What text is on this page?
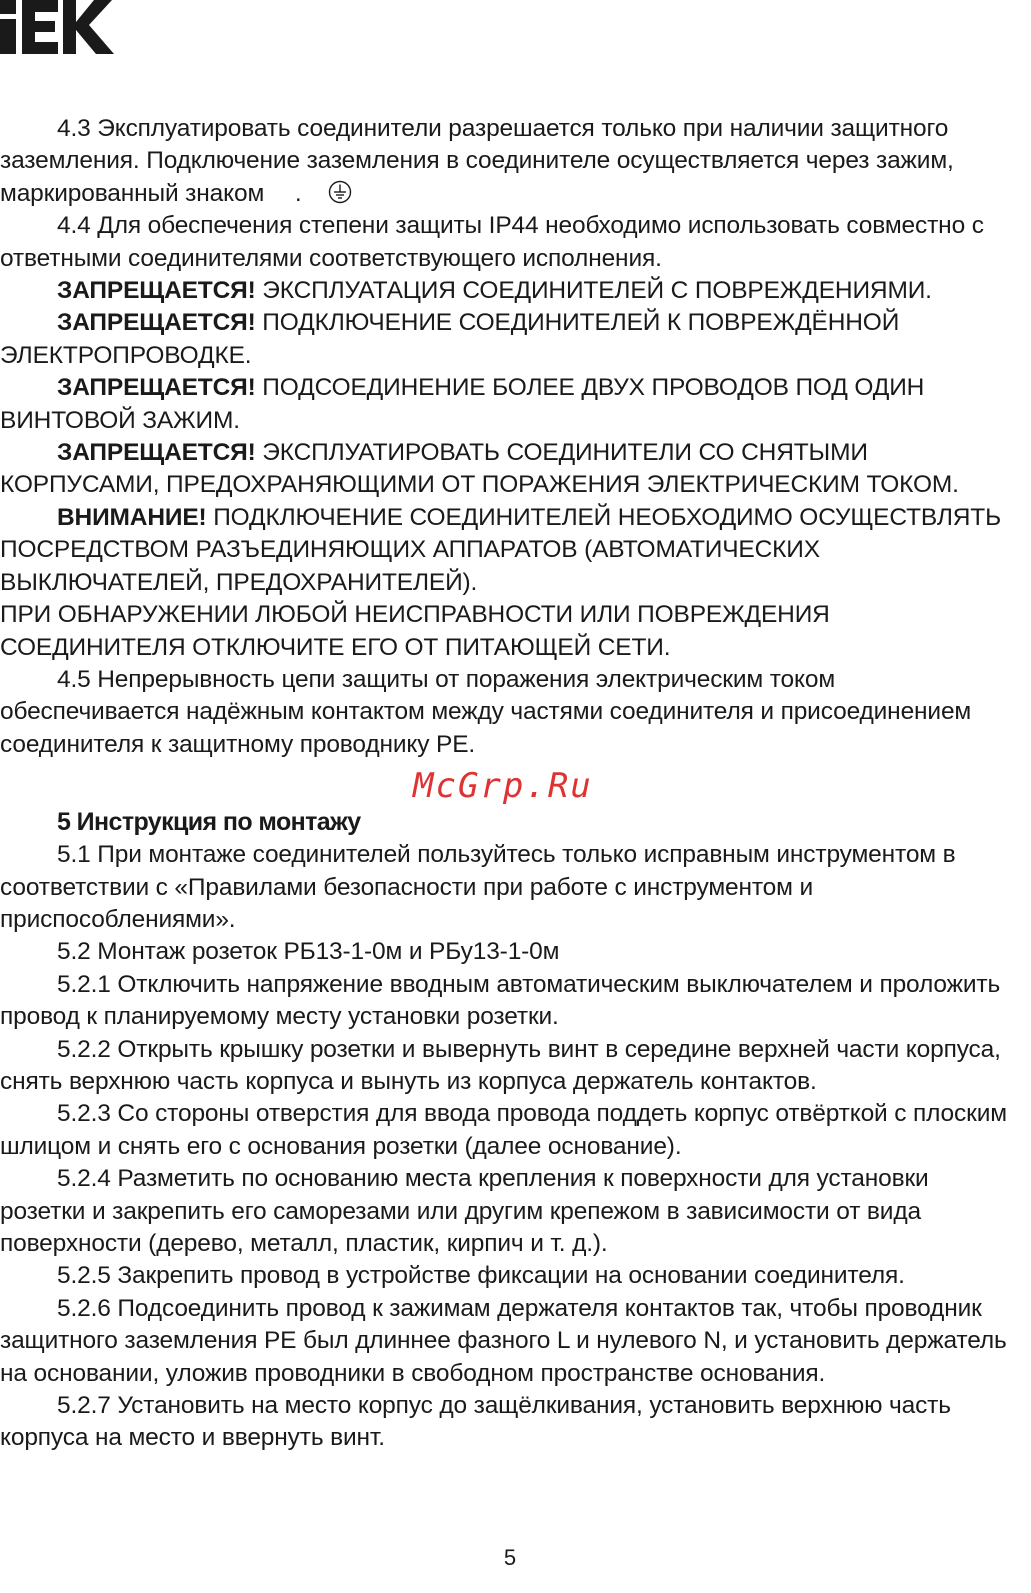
4.3 Эксплуатировать соединители разрешается только при наличии защитного заземления. Подключение заземления в соединителе осуществляется через зажим, маркированный знаком .

4.4 Для обеспечения степени защиты IP44 необходимо использовать совместно с ответными соединителями соответствующего исполнения.

ЗАПРЕЩАЕТСЯ! ЭКСПЛУАТАЦИЯ СОЕДИНИТЕЛЕЙ С ПОВРЕЖДЕНИЯМИ.

ЗАПРЕЩАЕТСЯ! ПОДКЛЮЧЕНИЕ СОЕДИНИТЕЛЕЙ К ПОВРЕЖДЁННОЙ ЭЛЕКТРОПРОВОДКЕ.

ЗАПРЕЩАЕТСЯ! ПОДСОЕДИНЕНИЕ БОЛЕЕ ДВУХ ПРОВОДОВ ПОД ОДИН ВИНТОВОЙ ЗАЖИМ.

ЗАПРЕЩАЕТСЯ! ЭКСПЛУАТИРОВАТЬ СОЕДИНИТЕЛИ СО СНЯТЫМИ КОРПУСАМИ, ПРЕДОХРАНЯЮЩИМИ ОТ ПОРАЖЕНИЯ ЭЛЕКТРИЧЕСКИМ ТОКОМ.

ВНИМАНИЕ! ПОДКЛЮЧЕНИЕ СОЕДИНИТЕЛЕЙ НЕОБХОДИМО ОСУЩЕСТВЛЯТЬ ПОСРЕДСТВОМ РАЗЪЕДИНЯЮЩИХ АППАРАТОВ (АВТОМАТИЧЕСКИХ ВЫКЛЮЧАТЕЛЕЙ, ПРЕДОХРАНИТЕЛЕЙ).

ПРИ ОБНАРУЖЕНИИ ЛЮБОЙ НЕИСПРАВНОСТИ ИЛИ ПОВРЕЖДЕНИЯ СОЕДИНИТЕЛЯ ОТКЛЮЧИТЕ ЕГО ОТ ПИТАЮЩЕЙ СЕТИ.

4.5 Непрерывность цепи защиты от поражения электрическим током обеспечивается надёжным контактом между частями соединителя и присоединением соединителя к защитному проводнику PE.

5 Инструкция по монтажу

5.1 При монтаже соединителей пользуйтесь только исправным инструментом в соответствии с «Правилами безопасности при работе с инструментом и приспособлениями».

5.2 Монтаж розеток РБ13-1-0м и РБу13-1-0м

5.2.1 Отключить напряжение вводным автоматическим выключателем и проложить провод к планируемому месту установки розетки.

5.2.2 Открыть крышку розетки и вывернуть винт в середине верхней части корпуса, снять верхнюю часть корпуса и вынуть из корпуса держатель контактов.

5.2.3 Со стороны отверстия для ввода провода поддеть корпус отвёрткой с плоским шлицом и снять его с основания розетки (далее основание).

5.2.4 Разметить по основанию места крепления к поверхности для установки розетки и закрепить его саморезами или другим крепежом в зависимости от вида поверхности (дерево, металл, пластик, кирпич и т. д.).

5.2.5 Закрепить провод в устройстве фиксации на основании соединителя.

5.2.6 Подсоединить провод к зажимам держателя контактов так, чтобы проводник защитного заземления PE был длиннее фазного L и нулевого N, и установить держатель на основании, уложив проводники в свободном пространстве основания.

5.2.7 Установить на место корпус до защёлкивания, установить верхнюю часть корпуса на место и ввернуть винт.

McGrp.Ru
5
